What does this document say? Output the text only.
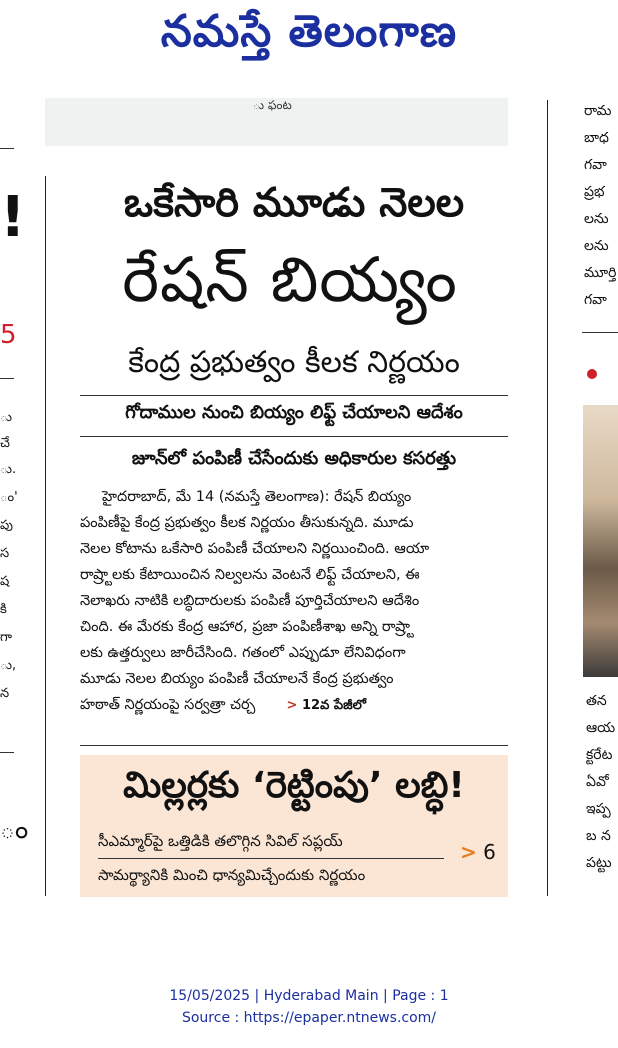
నమస్తే తెలంగాణ
ు ఫంట
!
5
ు
చే
ు.
ం'
పు
స
ష
కి
గా
ు,
న
ం
ఒకేసారి మూడు నెలల
రేషన్‌ బియ్యం
కేంద్ర ప్రభుత్వం కీలక నిర్ణయం
గోదాముల నుంచి బియ్యం లిఫ్ట్‌ చేయాలని ఆదేశం
జూన్‌లో పంపిణీ చేసేందుకు అధికారుల కసరత్తు
హైదరాబాద్‌, మే 14 (నమస్తే తెలంగాణ): రేషన్‌ బియ్యం
పంపిణీపై కేంద్ర ప్రభుత్వం కీలక నిర్ణయం తీసుకున్నది. మూడు
నెలల కోటాను ఒకేసారి పంపిణీ చేయాలని నిర్ణయించింది. ఆయా
రాష్ర్టాలకు కేటాయించిన నిల్వలను వెంటనే లిఫ్ట్‌ చేయాలని, ఈ
నెలాఖరు నాటికి లబ్ధిదారులకు పంపిణీ పూర్తిచేయాలని ఆదేశిం
చింది. ఈ మేరకు కేంద్ర ఆహార, ప్రజా పంపిణీశాఖ అన్ని రాష్ర్టా
లకు ఉత్తర్వులు జారీచేసింది. గతంలో ఎప్పుడూ లేనివిధంగా
మూడు నెలల బియ్యం పంపిణీ చేయాలనే కేంద్ర ప్రభుత్వం
హఠాత్‌ నిర్ణయంపై సర్వత్రా చర్చ > 12వ పేజీలో
మిల్లర్లకు ‘రెట్టింపు’ లబ్ధి!
సీఎమ్మార్‌పై ఒత్తిడికి తలొగ్గిన సివిల్‌ సప్లయ్‌
సామర్థ్యానికి మించి ధాన్యమిచ్చేందుకు నిర్ణయం
> 6
రామ
బాధ
గవా
ప్రభ
లను
లను
మూర్తి
గవా
తన
ఆయ
క్టరేట
ఏవో
ఇప్ప
బ న
పట్టు
15/05/2025 | Hyderabad Main | Page : 1
Source : https://epaper.ntnews.com/
